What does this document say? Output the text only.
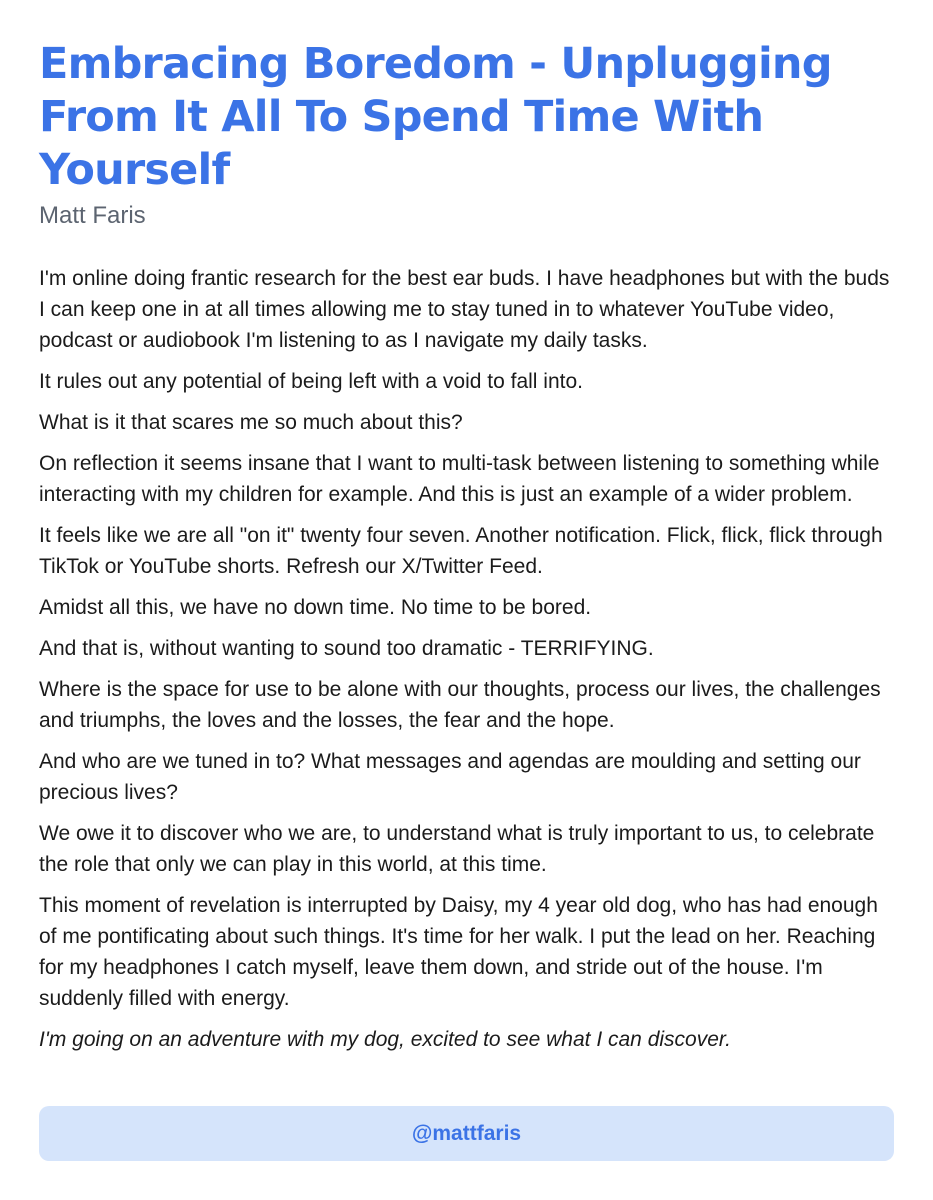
Embracing Boredom - Unplugging From It All To Spend Time With Yourself
Matt Faris

I'm online doing frantic research for the best ear buds. I have headphones but with the buds I can keep one in at all times allowing me to stay tuned in to whatever YouTube video, podcast or audiobook I'm listening to as I navigate my daily tasks.

It rules out any potential of being left with a void to fall into.

What is it that scares me so much about this?

On reflection it seems insane that I want to multi-task between listening to something while interacting with my children for example. And this is just an example of a wider problem.

It feels like we are all "on it" twenty four seven. Another notification. Flick, flick, flick through TikTok or YouTube shorts. Refresh our X/Twitter Feed.

Amidst all this, we have no down time. No time to be bored.

And that is, without wanting to sound too dramatic - TERRIFYING.

Where is the space for use to be alone with our thoughts, process our lives, the challenges and triumphs, the loves and the losses, the fear and the hope.

And who are we tuned in to? What messages and agendas are moulding and setting our precious lives?

We owe it to discover who we are, to understand what is truly important to us, to celebrate the role that only we can play in this world, at this time.

This moment of revelation is interrupted by Daisy, my 4 year old dog, who has had enough of me pontificating about such things. It's time for her walk. I put the lead on her. Reaching for my headphones I catch myself, leave them down, and stride out of the house. I'm suddenly filled with energy.

I'm going on an adventure with my dog, excited to see what I can discover.

@mattfaris
